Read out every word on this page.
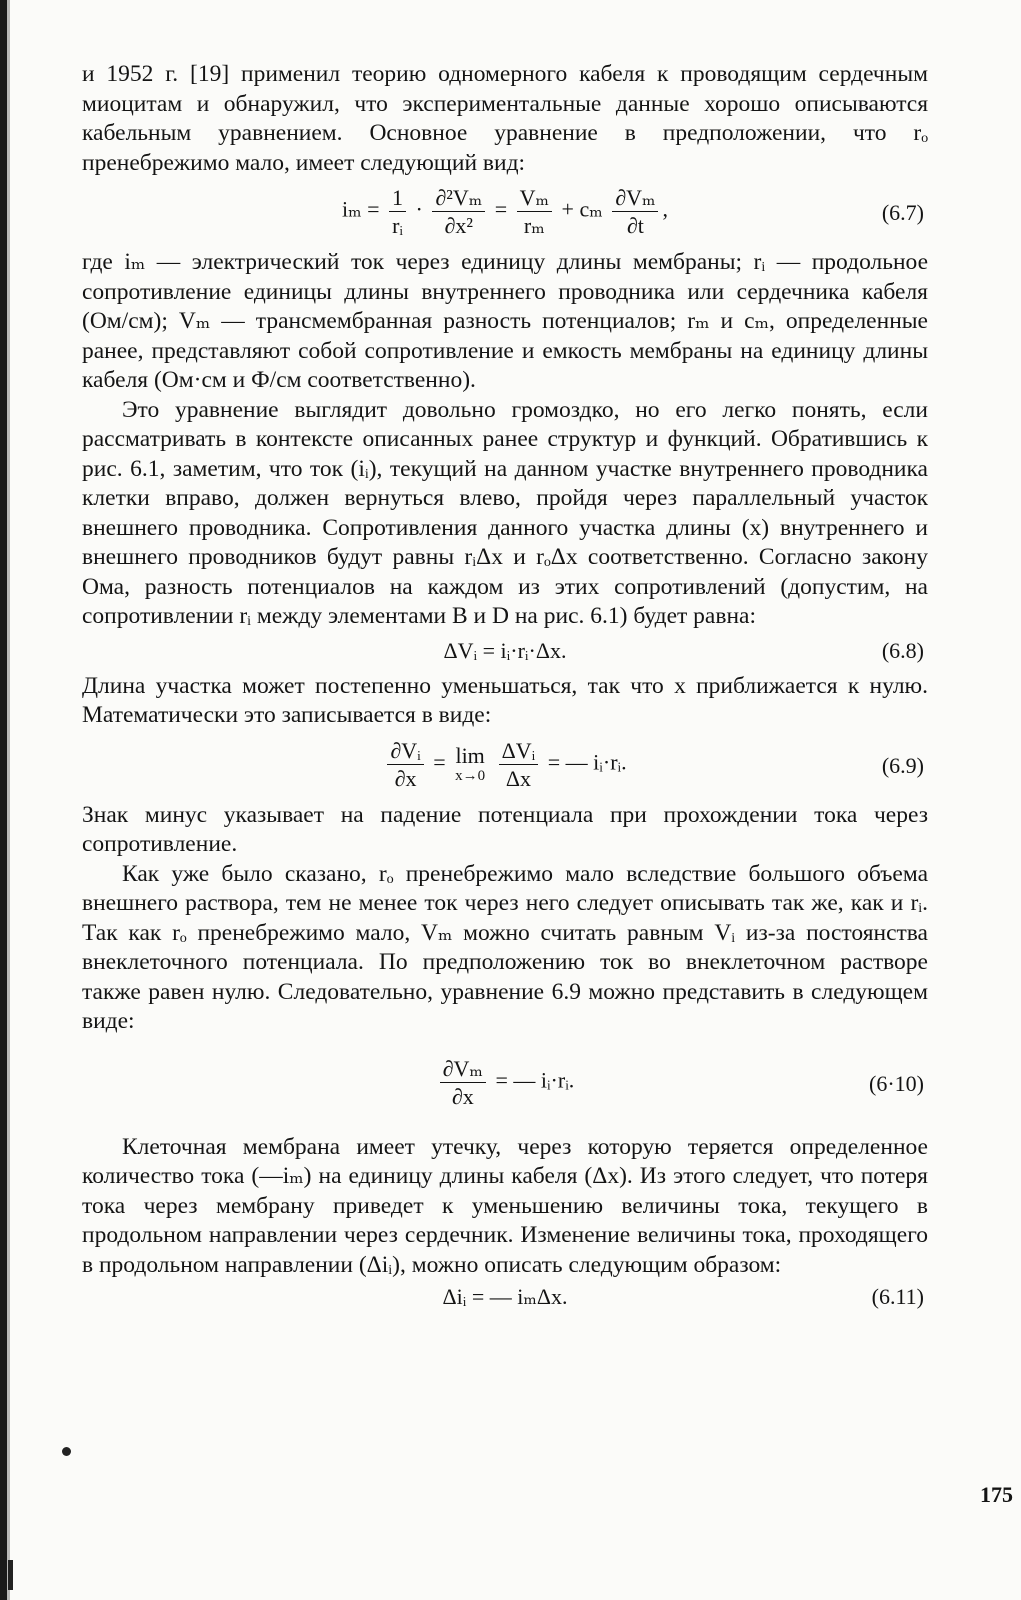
и 1952 г. [19] применил теорию одномерного кабеля к проводящим сердечным миоцитам и обнаружил, что экспериментальные данные хорошо описываются кабельным уравнением. Основное уравнение в предположении, что rₒ пренебрежимо мало, имеет следующий вид:

$i_m = \frac{1}{\text{rᵢ}} \cdot \frac{\text{∂²Vₘ}}{\text{∂x²}} = \frac{\text{Vₘ}}{\text{rₘ}} + c_m \frac{\text{∂Vₘ}}{\partial t}$ ,	(6.7)

где iₘ — электрический ток через единицу длины мембраны; rᵢ — продольное сопротивление единицы длины внутреннего проводника или сердечника кабеля (Ом/см); Vₘ — трансмембранная разность потенциалов; rₘ и cₘ, определенные ранее, представляют собой сопротивление и емкость мембраны на единицу длины кабеля (Ом·см и Ф/см соответственно).

Это уравнение выглядит довольно громоздко, но его легко понять, если рассматривать в контексте описанных ранее структур и функций. Обратившись к рис. 6.1, заметим, что ток (iᵢ), текущий на данном участке внутреннего проводника клетки вправо, должен вернуться влево, пройдя через параллельный участок внешнего проводника. Сопротивления данного участка длины (x) внутреннего и внешнего проводников будут равны rᵢΔx и rₒΔx соответственно. Согласно закону Ома, разность потенциалов на каждом из этих сопротивлений (допустим, на сопротивлении rᵢ между элементами B и D на рис. 6.1) будет равна:

ΔVᵢ = iᵢ·rᵢ·Δx.	(6.8)

Длина участка может постепенно уменьшаться, так что x приближается к нулю. Математически это записывается в виде:

$\frac{\text{∂Vᵢ}}{\partial x} = \lim$
x→0
$\frac{\text{ΔVᵢ}}{\Delta x}$ = — iᵢ·rᵢ.	(6.9)

Знак минус указывает на падение потенциала при прохождении тока через сопротивление.

Как уже было сказано, rₒ пренебрежимо мало вследствие большого объема внешнего раствора, тем не менее ток через него следует описывать так же, как и rᵢ. Так как rₒ пренебрежимо мало, Vₘ можно считать равным Vᵢ из-за постоянства внеклеточного потенциала. По предположению ток во внеклеточном растворе также равен нулю. Следовательно, уравнение 6.9 можно представить в следующем виде:

$\frac{\text{∂Vₘ}}{\partial x}$ = — iᵢ·rᵢ.	(6·10)

Клеточная мембрана имеет утечку, через которую теряется определенное количество тока (—iₘ) на единицу длины кабеля (Δx). Из этого следует, что потеря тока через мембрану приведет к уменьшению величины тока, текущего в продольном направлении через сердечник. Изменение величины тока, проходящего в продольном направлении (Δiᵢ), можно описать следующим образом:

Δiᵢ = — iₘΔx.	(6.11)
175
